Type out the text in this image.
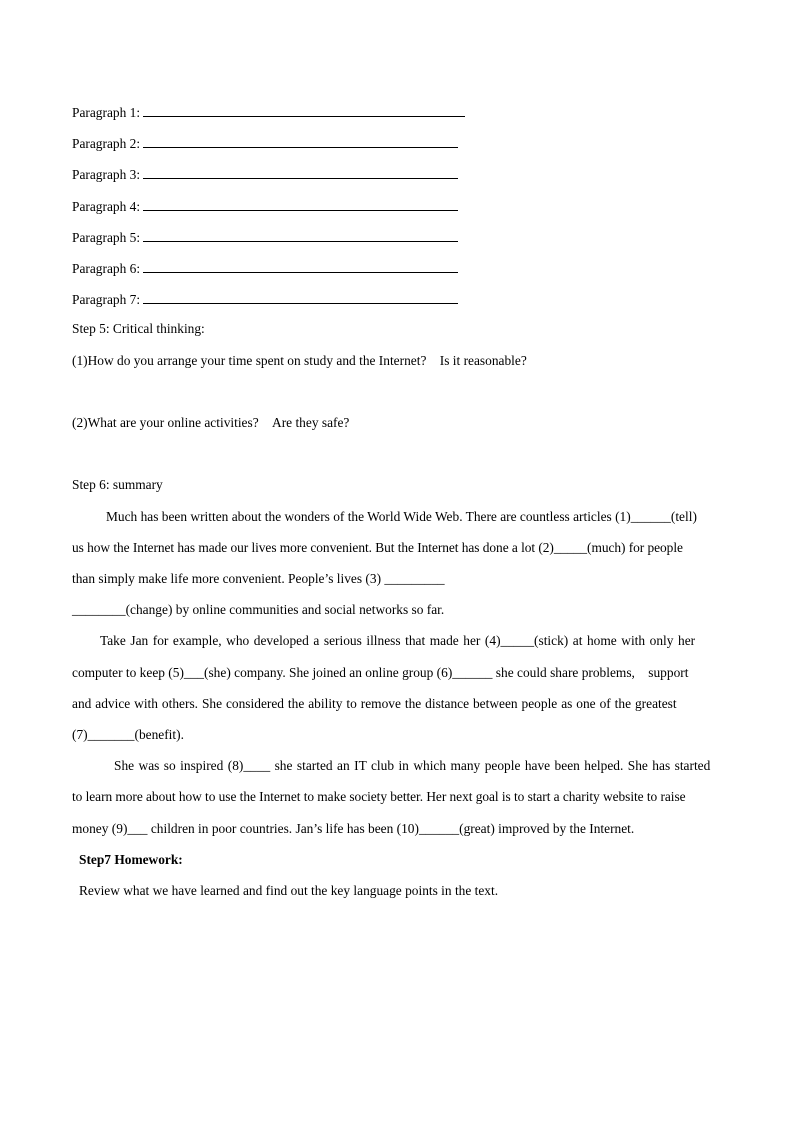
Paragraph 1:
Paragraph 2:
Paragraph 3:
Paragraph 4:
Paragraph 5:
Paragraph 6:
Paragraph 7:
Step 5: Critical thinking:
(1)How do you arrange your time spent on study and the Internet?    Is it reasonable?
(2)What are your online activities?    Are they safe?
Step 6: summary
Much has been written about the wonders of the World Wide Web. There are countless articles (1)______(tell)
us how the Internet has made our lives more convenient. But the Internet has done a lot (2)_____(much) for people
than simply make life more convenient. People’s lives (3) _________
________(change) by online communities and social networks so far.
Take Jan for example, who developed a serious illness that made her (4)_____(stick) at home with only her
computer to keep (5)___(she) company. She joined an online group (6)______ she could share problems,    support
and advice with others. She considered the ability to remove the distance between people as one of the greatest
(7)_______(benefit).
She was so inspired (8)____ she started an IT club in which many people have been helped. She has started
to learn more about how to use the Internet to make society better. Her next goal is to start a charity website to raise
money (9)___ children in poor countries. Jan’s life has been (10)______(great) improved by the Internet.
Step7 Homework:
Review what we have learned and find out the key language points in the text.
